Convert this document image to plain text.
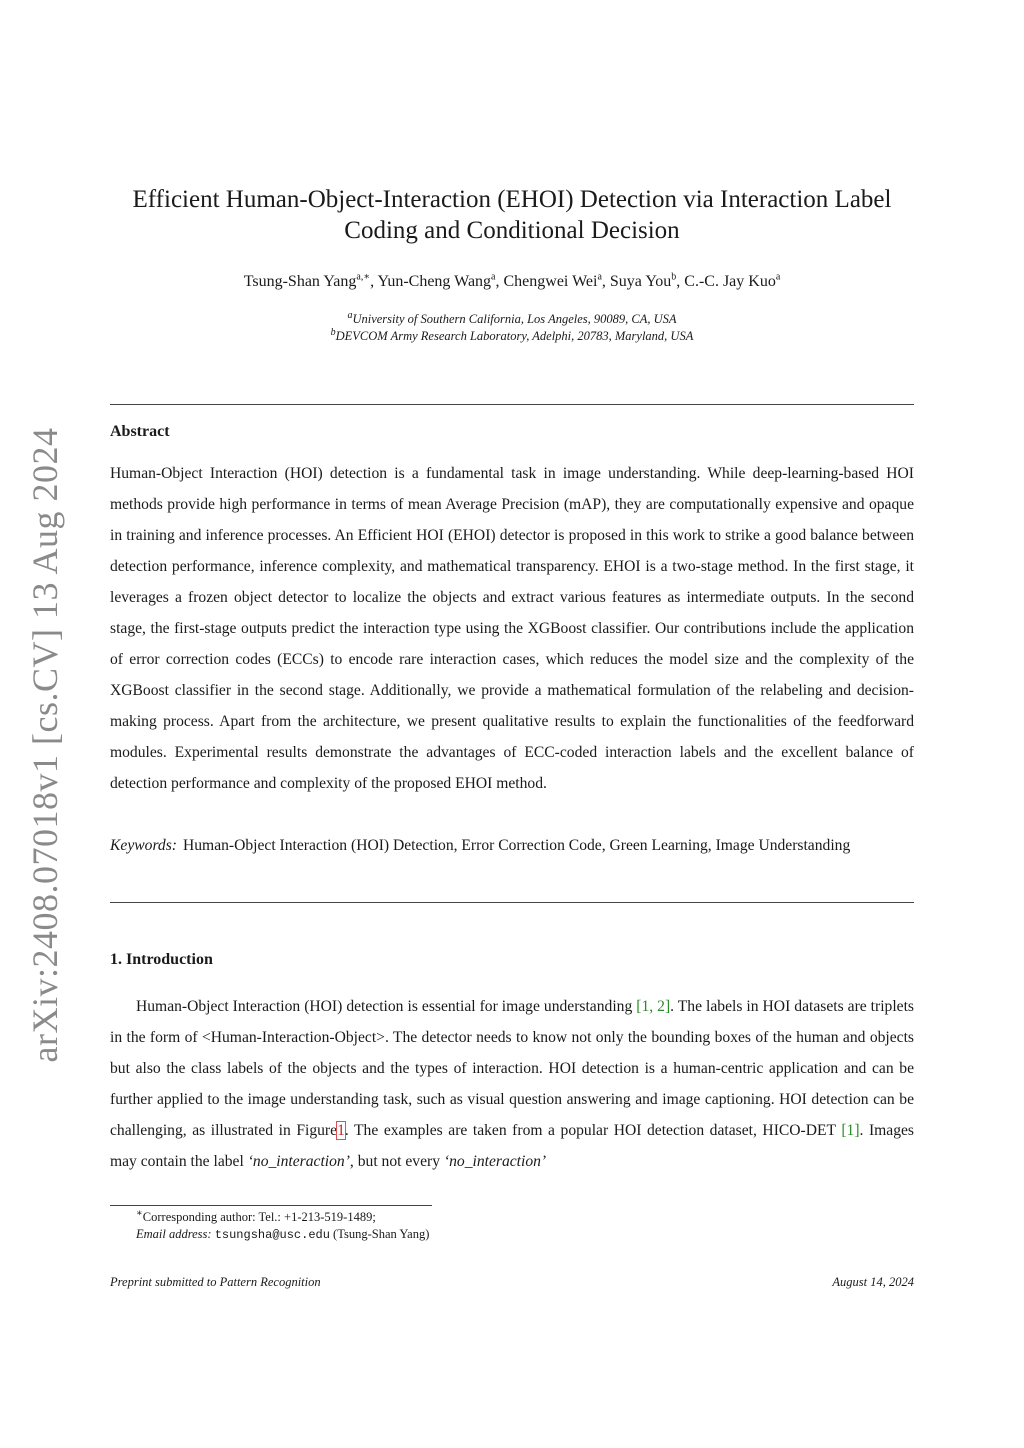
arXiv:2408.07018v1 [cs.CV] 13 Aug 2024
Efficient Human-Object-Interaction (EHOI) Detection via Interaction Label
Coding and Conditional Decision
Tsung-Shan Yang$^{a,∗}$, Yun-Cheng Wang$^a$, Chengwei Wei$^a$, Suya You$^b$, C.-C. Jay Kuo$^a$
$^a$University of Southern California, Los Angeles, 90089, CA, USA
$^b$DEVCOM Army Research Laboratory, Adelphi, 20783, Maryland, USA
Abstract

Human-Object Interaction (HOI) detection is a fundamental task in image understanding. While deep-learning-based HOI methods provide high performance in terms of mean Average Precision (mAP), they are computationally expensive and opaque in training and inference processes. An Efficient HOI (EHOI) detector is proposed in this work to strike a good balance between detection performance, inference complexity, and mathematical transparency. EHOI is a two-stage method. In the first stage, it leverages a frozen object detector to localize the objects and extract various features as intermediate outputs. In the second stage, the first-stage outputs predict the interaction type using the XGBoost classifier. Our contributions include the application of error correction codes (ECCs) to encode rare interaction cases, which reduces the model size and the complexity of the XGBoost classifier in the second stage. Additionally, we provide a mathematical formulation of the relabeling and decision-making process. Apart from the architecture, we present qualitative results to explain the functionalities of the feedforward modules. Experimental results demonstrate the advantages of ECC-coded interaction labels and the excellent balance of detection performance and complexity of the proposed EHOI method.

Keywords: Human-Object Interaction (HOI) Detection, Error Correction Code, Green Learning, Image Understanding

1. Introduction

Human-Object Interaction (HOI) detection is essential for image understanding [1, 2]. The labels in HOI datasets are triplets in the form of <Human-Interaction-Object>. The detector needs to know not only the bounding boxes of the human and objects but also the class labels of the objects and the types of interaction. HOI detection is a human-centric application and can be further applied to the image understanding task, such as visual question answering and image captioning. HOI detection can be challenging, as illustrated in Figure1. The examples are taken from a popular HOI detection dataset, HICO-DET [1]. Images may contain the label ‘no_interaction’, but not every ‘no_interaction’

∗Corresponding author: Tel.: +1-213-519-1489;
Email address: tsungsha@usc.edu (Tsung-Shan Yang)
Preprint submitted to Pattern Recognition	August 14, 2024
